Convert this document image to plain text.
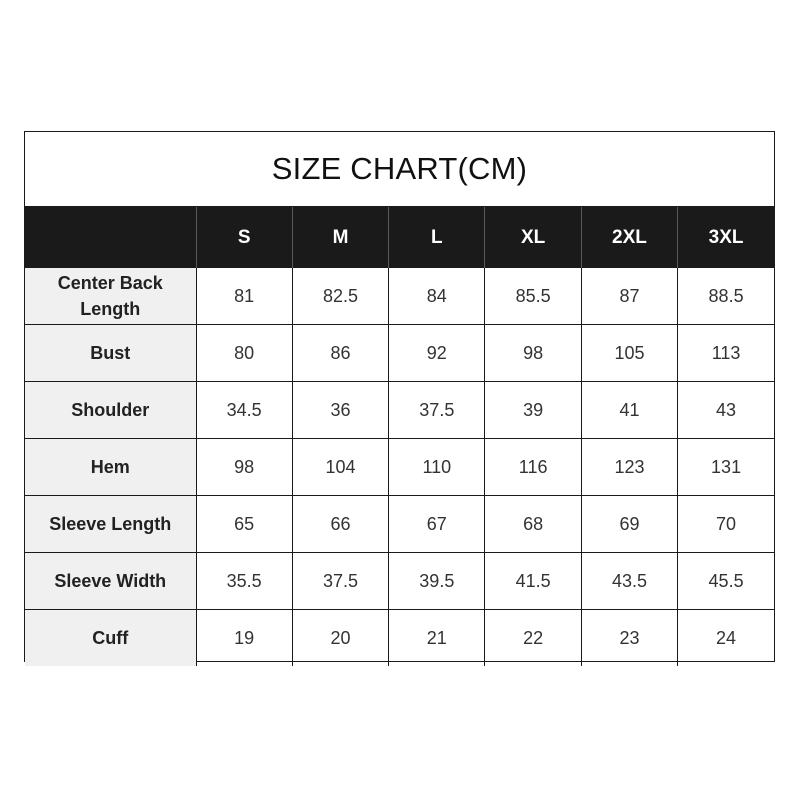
SIZE CHART(CM)
	S	M	L	XL	2XL	3XL
Center Back Length	81	82.5	84	85.5	87	88.5
Bust	80	86	92	98	105	113
Shoulder	34.5	36	37.5	39	41	43
Hem	98	104	110	116	123	131
Sleeve Length	65	66	67	68	69	70
Sleeve Width	35.5	37.5	39.5	41.5	43.5	45.5
Cuff	19	20	21	22	23	24
